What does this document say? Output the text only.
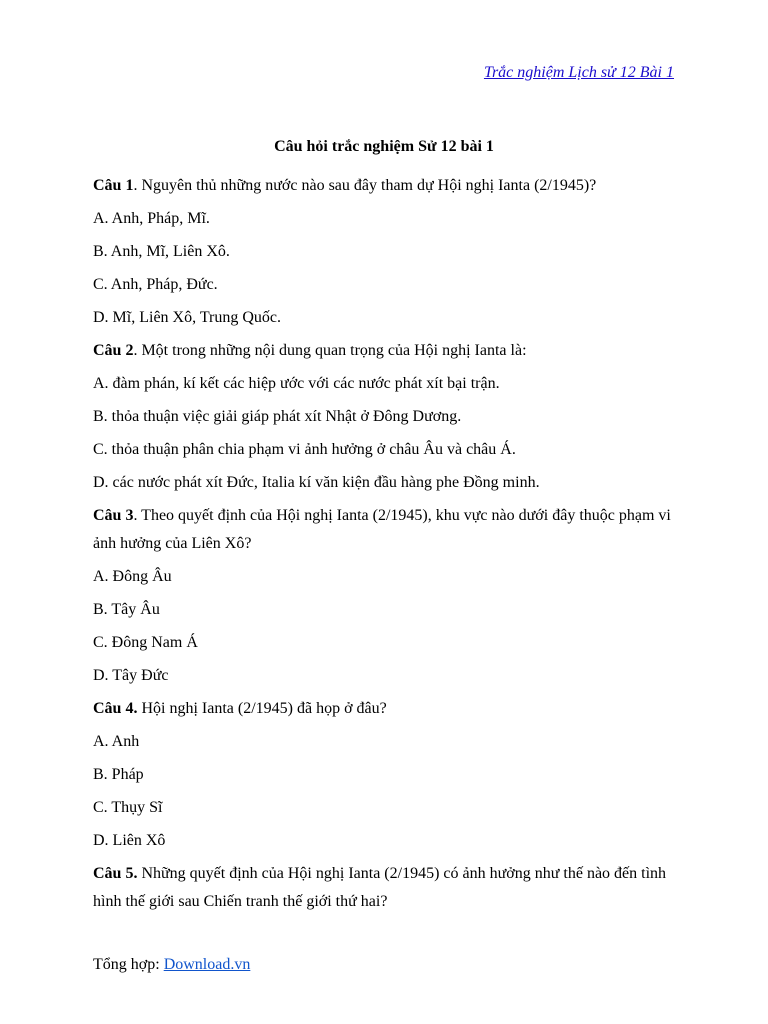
Trắc nghiệm Lịch sử 12 Bài 1
Câu hỏi trắc nghiệm Sử 12 bài 1

Câu 1. Nguyên thủ những nước nào sau đây tham dự Hội nghị Ianta (2/1945)?

A. Anh, Pháp, Mĩ.

B. Anh, Mĩ, Liên Xô.

C. Anh, Pháp, Đức.

D. Mĩ, Liên Xô, Trung Quốc.

Câu 2. Một trong những nội dung quan trọng của Hội nghị Ianta là:

A. đàm phán, kí kết các hiệp ước với các nước phát xít bại trận.

B. thỏa thuận việc giải giáp phát xít Nhật ở Đông Dương.

C. thỏa thuận phân chia phạm vi ảnh hưởng ở châu Âu và châu Á.

D. các nước phát xít Đức, Italia kí văn kiện đầu hàng phe Đồng minh.

Câu 3. Theo quyết định của Hội nghị Ianta (2/1945), khu vực nào dưới đây thuộc phạm vi ảnh hưởng của Liên Xô?

A. Đông Âu

B. Tây Âu

C. Đông Nam Á

D. Tây Đức

Câu 4. Hội nghị Ianta (2/1945) đã họp ở đâu?

A. Anh

B. Pháp

C. Thụy Sĩ

D. Liên Xô

Câu 5. Những quyết định của Hội nghị Ianta (2/1945) có ảnh hưởng như thế nào đến tình hình thế giới sau Chiến tranh thế giới thứ hai?

Tổng hợp: Download.vn
